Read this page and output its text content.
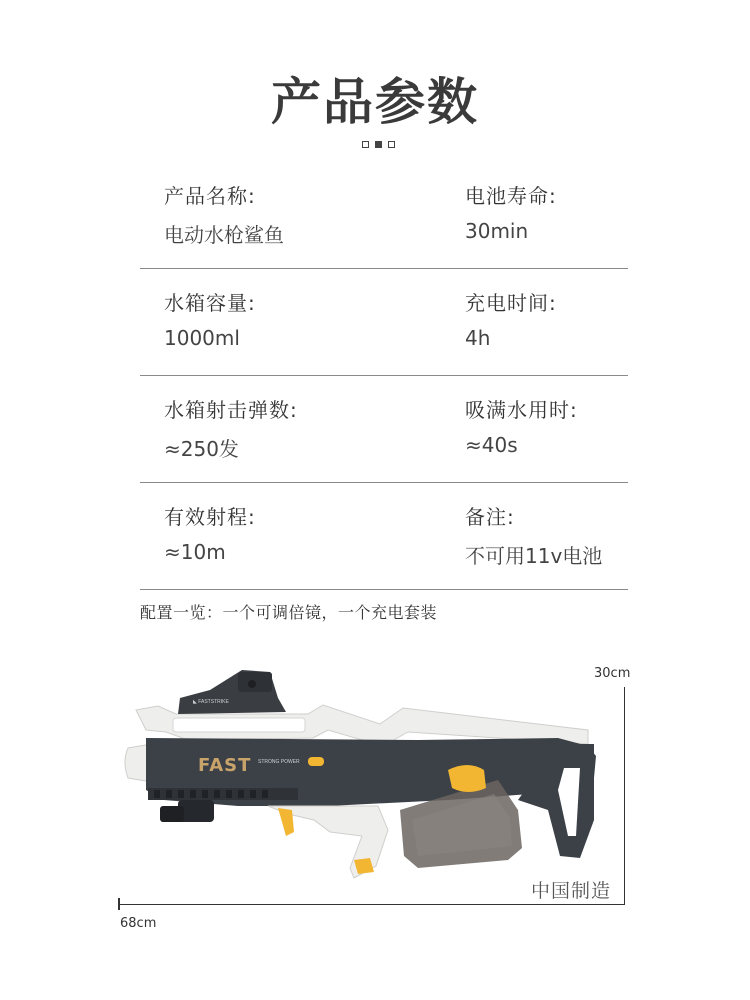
产品参数
产品名称:
电动水枪鲨鱼
电池寿命:
30min
水箱容量:
1000ml
充电时间:
4h
水箱射击弹数:
≈250发
吸满水用时:
≈40s
有效射程:
≈10m
备注:
不可用11v电池
配置一览：一个可调倍镜，一个充电套装
◣ FASTSTRIKE
FAST STRONG POWER
30cm
68cm
中国制造
